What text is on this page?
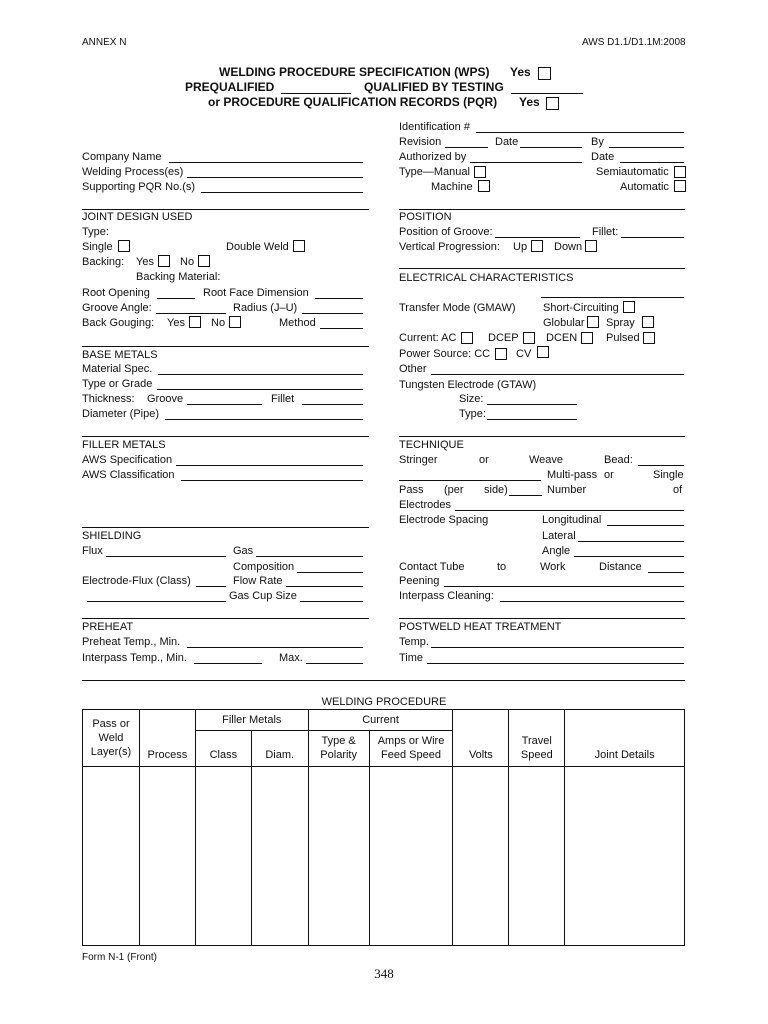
ANNEX N	AWS D1.1/D1.1M:2008
WELDING PROCEDURE SPECIFICATION (WPS) Yes
PREQUALIFIED	QUALIFIED BY TESTING
or PROCEDURE QUALIFICATION RECORDS (PQR) Yes
Identification #
Revision	Date	By
Authorized by	Date
Type—Manual	Semiautomatic
Machine	Automatic
Company Name
Welding Process(es)
Supporting PQR No.(s)
JOINT DESIGN USED
Type:
Single	Double Weld
Backing: Yes No
Backing Material:
Root Opening	Root Face Dimension
Groove Angle:	Radius (J–U)
Back Gouging: Yes No	Method
POSITION
Position of Groove:	Fillet:
Vertical Progression: Up Down
ELECTRICAL CHARACTERISTICS
Transfer Mode (GMAW) Short-Circuiting
Globular Spray
Current: AC	DCEP DCEN	Pulsed
Power Source: CC CV
Other
Tungsten Electrode (GTAW)
Size:
Type:
BASE METALS
Material Spec.
Type or Grade
Thickness: Groove	Fillet
Diameter (Pipe)
FILLER METALS
AWS Specification
AWS Classification
TECHNIQUE
Stringer	or	Weave	Bead:
Multi-pass or	Single
Pass (per side)	Number	of
Electrodes
Electrode Spacing	Longitudinal
Lateral
Angle
Contact Tube	to	Work	Distance
Peening
Interpass Cleaning:
SHIELDING
Flux	Gas
Composition
Electrode-Flux (Class)	Flow Rate
Gas Cup Size
PREHEAT
Preheat Temp., Min.
Interpass Temp., Min.	Max.
POSTWELD HEAT TREATMENT
Temp.
Time
WELDING PROCEDURE
Pass or Weld Layer(s)	Process	Filler Metals		Current		Volts	Travel Speed	Joint Details
		Class	Diam.	Type & Polarity	Amps or Wire Feed Speed			

Form N-1 (Front)
348
